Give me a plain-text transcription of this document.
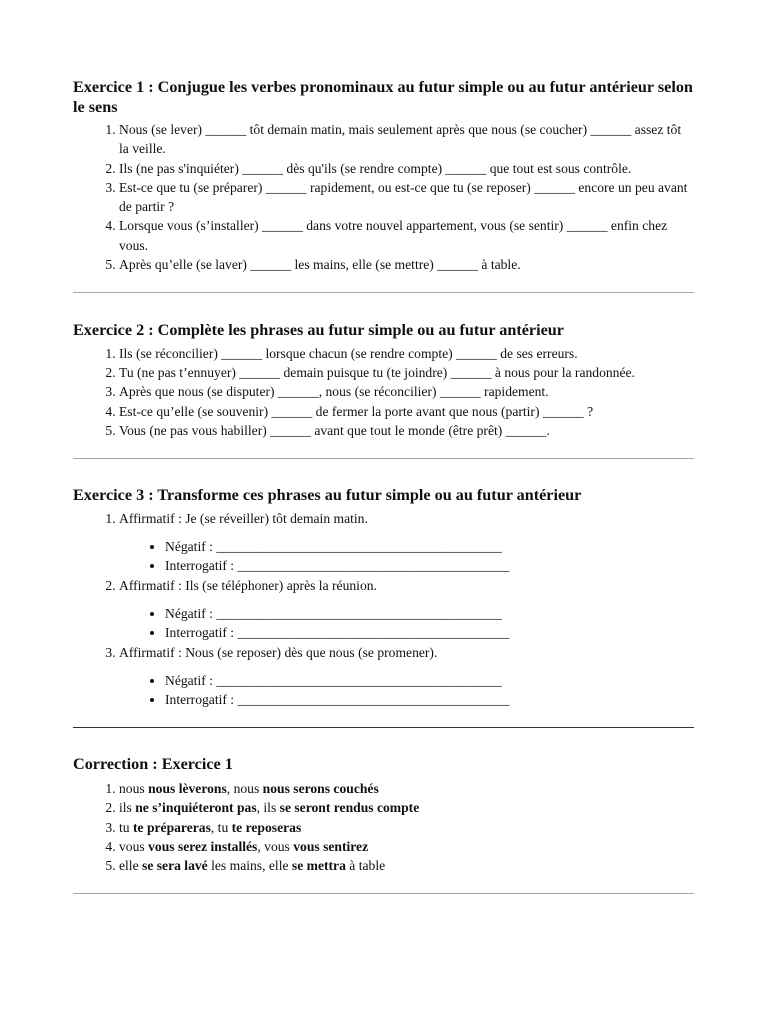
Exercice 1 : Conjugue les verbes pronominaux au futur simple ou au futur antérieur selon le sens
1. Nous (se lever) ______ tôt demain matin, mais seulement après que nous (se coucher) ______ assez tôt la veille.
2. Ils (ne pas s'inquiéter) ______ dès qu'ils (se rendre compte) ______ que tout est sous contrôle.
3. Est-ce que tu (se préparer) ______ rapidement, ou est-ce que tu (se reposer) ______ encore un peu avant de partir ?
4. Lorsque vous (s’installer) ______ dans votre nouvel appartement, vous (se sentir) ______ enfin chez vous.
5. Après qu’elle (se laver) ______ les mains, elle (se mettre) ______ à table.
Exercice 2 : Complète les phrases au futur simple ou au futur antérieur
1. Ils (se réconcilier) ______ lorsque chacun (se rendre compte) ______ de ses erreurs.
2. Tu (ne pas t’ennuyer) ______ demain puisque tu (te joindre) ______ à nous pour la randonnée.
3. Après que nous (se disputer) ______, nous (se réconcilier) ______ rapidement.
4. Est-ce qu’elle (se souvenir) ______ de fermer la porte avant que nous (partir) ______ ?
5. Vous (ne pas vous habiller) ______ avant que tout le monde (être prêt) ______.
Exercice 3 : Transforme ces phrases au futur simple ou au futur antérieur
1. Affirmatif : Je (se réveiller) tôt demain matin.
• Négatif : __________________________________________
• Interrogatif : ________________________________________
2. Affirmatif : Ils (se téléphoner) après la réunion.
• Négatif : __________________________________________
• Interrogatif : ________________________________________
3. Affirmatif : Nous (se reposer) dès que nous (se promener).
• Négatif : __________________________________________
• Interrogatif : ________________________________________
Correction : Exercice 1
1. nous nous lèverons, nous nous serons couchés
2. ils ne s’inquiéteront pas, ils se seront rendus compte
3. tu te prépareras, tu te reposeras
4. vous vous serez installés, vous vous sentirez
5. elle se sera lavé les mains, elle se mettra à table
